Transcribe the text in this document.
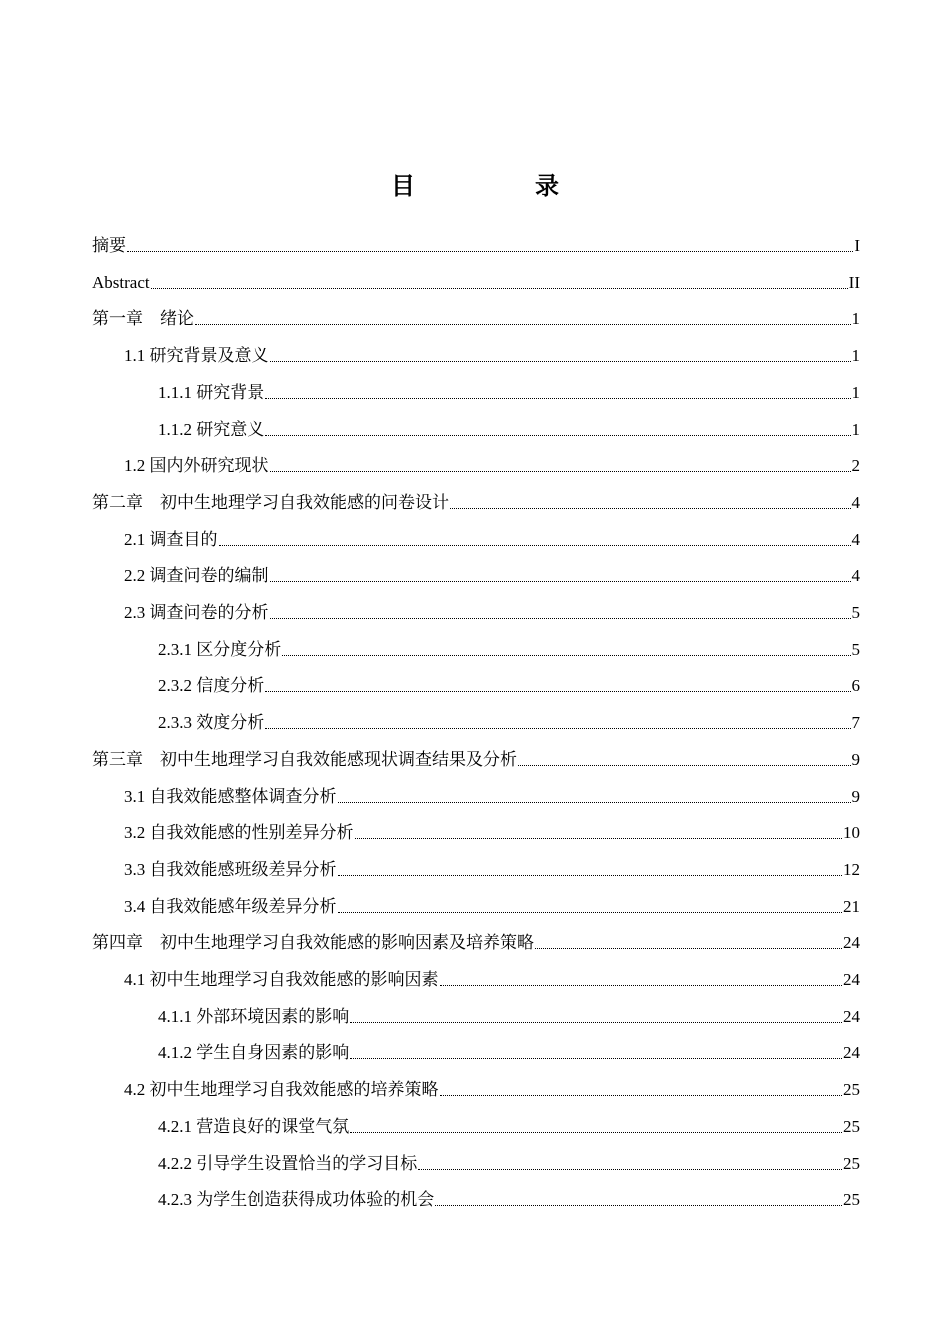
目　录
摘要	I
Abstract	II
第一章　绪论	1
1.1 研究背景及意义	1
1.1.1 研究背景	1
1.1.2 研究意义	1
1.2 国内外研究现状	2
第二章　初中生地理学习自我效能感的问卷设计	4
2.1 调查目的	4
2.2 调查问卷的编制	4
2.3 调查问卷的分析	5
2.3.1 区分度分析	5
2.3.2 信度分析	6
2.3.3 效度分析	7
第三章　初中生地理学习自我效能感现状调查结果及分析	9
3.1 自我效能感整体调查分析	9
3.2 自我效能感的性别差异分析	10
3.3 自我效能感班级差异分析	12
3.4 自我效能感年级差异分析	21
第四章　初中生地理学习自我效能感的影响因素及培养策略	24
4.1 初中生地理学习自我效能感的影响因素	24
4.1.1 外部环境因素的影响	24
4.1.2 学生自身因素的影响	24
4.2 初中生地理学习自我效能感的培养策略	25
4.2.1 营造良好的课堂气氛	25
4.2.2 引导学生设置恰当的学习目标	25
4.2.3 为学生创造获得成功体验的机会	25
